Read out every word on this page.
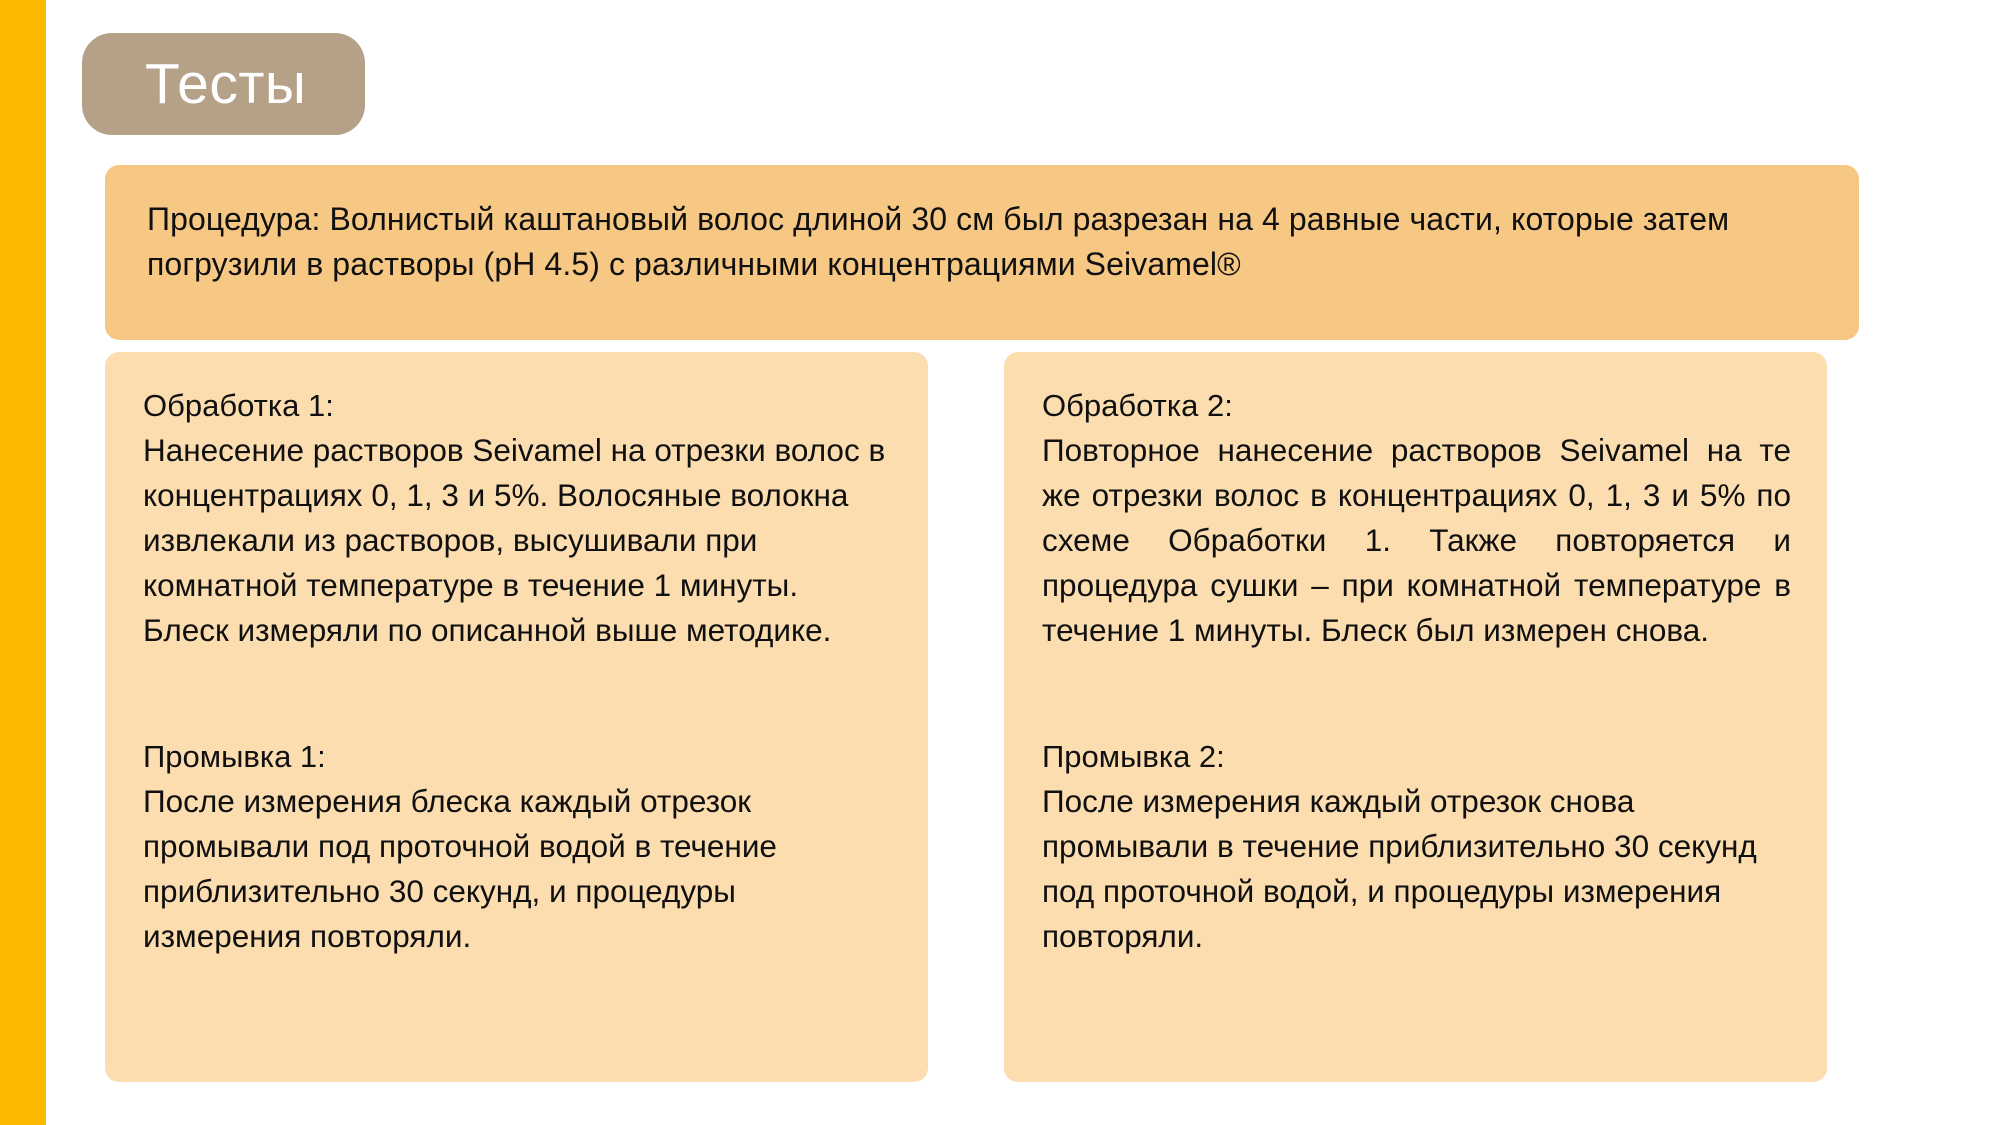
Тесты
Процедура: Волнистый каштановый волос длиной 30 см был разрезан на 4 равные части, которые затем погрузили в растворы (pH 4.5) с различными концентрациями Seivamel®
Обработка 1:
Нанесение растворов Seivamel на отрезки волос в концентрациях 0, 1, 3 и 5%. Волосяные волокна извлекали из растворов, высушивали при комнатной температуре в течение 1 минуты. Блеск измеряли по описанной выше методике.
Промывка 1:
После измерения блеска каждый отрезок промывали под проточной водой в течение приблизительно 30 секунд, и процедуры измерения повторяли.
Обработка 2:
Повторное нанесение растворов Seivamel на те же отрезки волос в концентрациях 0, 1, 3 и 5% по схеме Обработки 1. Также повторяется и процедура сушки – при комнатной температуре в течение 1 минуты. Блеск был измерен снова.
Промывка 2:
После измерения каждый отрезок снова промывали в течение приблизительно 30 секунд под проточной водой, и процедуры измерения повторяли.
